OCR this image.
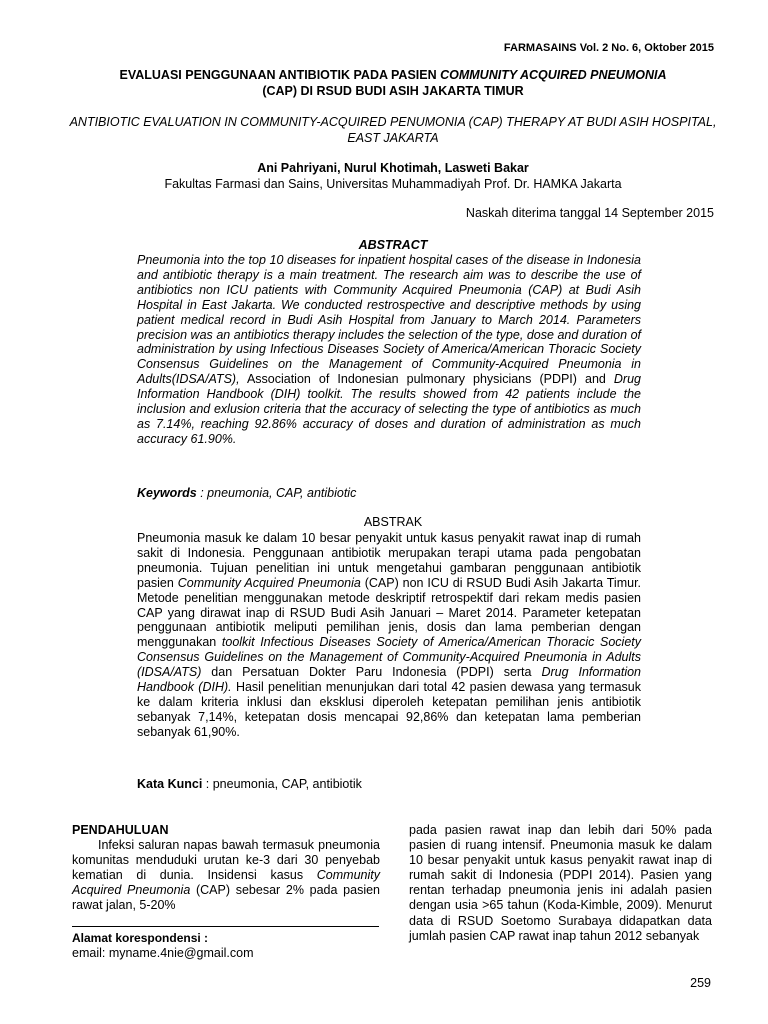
FARMASAINS Vol. 2 No. 6, Oktober 2015
EVALUASI PENGGUNAAN ANTIBIOTIK PADA PASIEN COMMUNITY ACQUIRED PNEUMONIA
(CAP) DI RSUD BUDI ASIH JAKARTA TIMUR
ANTIBIOTIC EVALUATION IN COMMUNITY-ACQUIRED PENUMONIA (CAP) THERAPY AT BUDI ASIH HOSPITAL, EAST JAKARTA
Ani Pahriyani, Nurul Khotimah, Lasweti Bakar
Fakultas Farmasi dan Sains, Universitas Muhammadiyah Prof. Dr. HAMKA Jakarta
Naskah diterima tanggal 14 September 2015
ABSTRACT
Pneumonia into the top 10 diseases for inpatient hospital cases of the disease in Indonesia and antibiotic therapy is a main treatment. The research aim was to describe the use of antibiotics non ICU patients with Community Acquired Pneumonia (CAP) at Budi Asih Hospital in East Jakarta. We conducted restrospective and descriptive methods by using patient medical record in Budi Asih Hospital from January to March 2014. Parameters precision was an antibiotics therapy includes the selection of the type, dose and duration of administration by using Infectious Diseases Society of America/American Thoracic Society Consensus Guidelines on the Management of Community-Acquired Pneumonia in Adults(IDSA/ATS), Association of Indonesian pulmonary physicians (PDPI) and Drug Information Handbook (DIH) toolkit. The results showed from 42 patients include the inclusion and exlusion criteria that the accuracy of selecting the type of antibiotics as much as 7.14%, reaching 92.86% accuracy of doses and duration of administration as much accuracy 61.90%.
Keywords : pneumonia, CAP, antibiotic
ABSTRAK
Pneumonia masuk ke dalam 10 besar penyakit untuk kasus penyakit rawat inap di rumah sakit di Indonesia. Penggunaan antibiotik merupakan terapi utama pada pengobatan pneumonia. Tujuan penelitian ini untuk mengetahui gambaran penggunaan antibiotik pasien Community Acquired Pneumonia (CAP) non ICU di RSUD Budi Asih Jakarta Timur. Metode penelitian menggunakan metode deskriptif retrospektif dari rekam medis pasien CAP yang dirawat inap di RSUD Budi Asih Januari – Maret 2014. Parameter ketepatan penggunaan antibiotik meliputi pemilihan jenis, dosis dan lama pemberian dengan menggunakan toolkit Infectious Diseases Society of America/American Thoracic Society Consensus Guidelines on the Management of Community-Acquired Pneumonia in Adults (IDSA/ATS) dan Persatuan Dokter Paru Indonesia (PDPI) serta Drug Information Handbook (DIH). Hasil penelitian menunjukan dari total 42 pasien dewasa yang termasuk ke dalam kriteria inklusi dan eksklusi diperoleh ketepatan pemilihan jenis antibiotik sebanyak 7,14%, ketepatan dosis mencapai 92,86% dan ketepatan lama pemberian sebanyak 61,90%.
Kata Kunci : pneumonia, CAP, antibiotik
PENDAHULUAN
Infeksi saluran napas bawah termasuk pneumonia komunitas menduduki urutan ke-3 dari 30 penyebab kematian di dunia. Insidensi kasus Community Acquired Pneumonia (CAP) sebesar 2% pada pasien rawat jalan, 5-20%
pada pasien rawat inap dan lebih dari 50% pada pasien di ruang intensif. Pneumonia masuk ke dalam 10 besar penyakit untuk kasus penyakit rawat inap di rumah sakit di Indonesia (PDPI 2014). Pasien yang rentan terhadap pneumonia jenis ini adalah pasien dengan usia >65 tahun (Koda-Kimble, 2009). Menurut data di RSUD Soetomo Surabaya didapatkan data jumlah pasien CAP rawat inap tahun 2012 sebanyak
Alamat korespondensi :
email: myname.4nie@gmail.com
259
